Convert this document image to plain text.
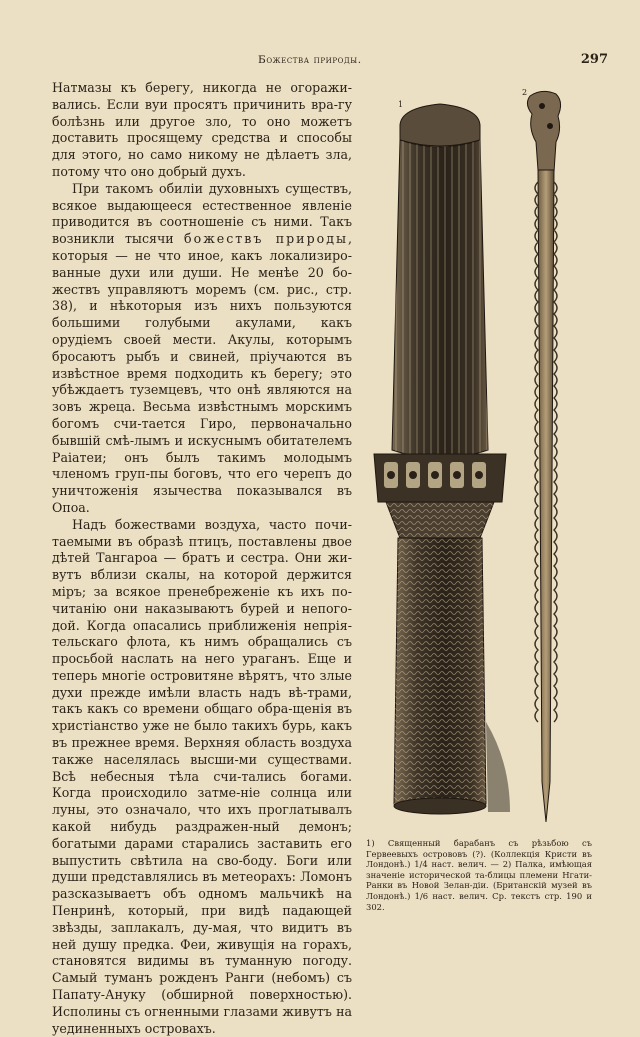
Божества природы.	297

Натмазы къ берегу, никогда не огоражи-вались. Если вуи просятъ причинить вра-гу болѣзнь или другое зло, то оно можетъ доставить просящему средства и способы для этого, но само никому не дѣлаетъ зла, потому что оно добрый духъ.

При такомъ обиліи духовныхъ существъ, всякое выдающееся естественное явленіе приводится въ соотношеніе съ ними. Такъ возникли тысячи божествъ природы, которыя — не что иное, какъ локализиро-ванные духи или души. Не менѣе 20 бо-жествъ управляютъ моремъ (см. рис., стр. 38), и нѣкоторыя изъ нихъ пользуются большими голубыми акулами, какъ орудіемъ своей мести. Акулы, которымъ бросаютъ рыбъ и свиней, пріучаются въ извѣстное время подходить къ берегу; это убѣждаетъ туземцевъ, что онѣ являются на зовъ жреца. Весьма извѣстнымъ морскимъ богомъ счи-тается Гиро, первоначально бывшій смѣ-лымъ и искуснымъ обитателемъ Раіатеи; онъ былъ такимъ молодымъ членомъ груп-пы боговъ, что его черепъ до уничтоженія язычества показывался въ Опоа.

Надъ божествами воздуха, часто почи-таемыми въ образѣ птицъ, поставлены двое дѣтей Тангароа — братъ и сестра. Они жи-вутъ вблизи скалы, на которой держится міръ; за всякое пренебреженіе къ ихъ по-читанію они наказываютъ бурей и непого-дой. Когда опасались приближенія непрія-тельскаго флота, къ нимъ обращались съ просьбой наслать на него ураганъ. Еще и теперь многіе островитяне вѣрятъ, что злые духи прежде имѣли власть надъ вѣ-трами, такъ какъ со времени общаго обра-щенія въ христіанство уже не было такихъ бурь, какъ въ прежнее время. Верхняя область воздуха также населялась высши-ми существами. Всѣ небесныя тѣла счи-тались богами. Когда происходило затме-ніе солнца или луны, это означало, что ихъ проглатывалъ какой нибудь раздражен-ный демонъ; богатыми дарами старались заставить его выпустить свѣтила на сво-боду. Боги или души представлялись въ метеорахъ: Ломонъ разсказываетъ объ одномъ мальчикѣ на Пенринѣ, который, при видѣ падающей звѣзды, заплакалъ, ду-мая, что видитъ въ ней душу предка. Феи, живущія на горахъ, становятся видимы въ туманную погоду. Самый туманъ рожденъ Ранги (небомъ) съ Папату-Ануку (обширной поверхностью). Исполины съ огненными глазами живутъ на уединенныхъ островахъ.

1
2
1) Священный барабанъ съ рѣзьбою съ Гервеевыхъ острововъ (?). (Коллекція Кристи въ Лондонѣ.) 1/4 наст. велич. — 2) Палка, имѣющая значеніе исторической та-блицы племени Нгати-Ранки въ Новой Зелан-діи. (Британскій музей въ Лондонѣ.) 1/6 наст. велич. Ср. текстъ стр. 190 и 302.
